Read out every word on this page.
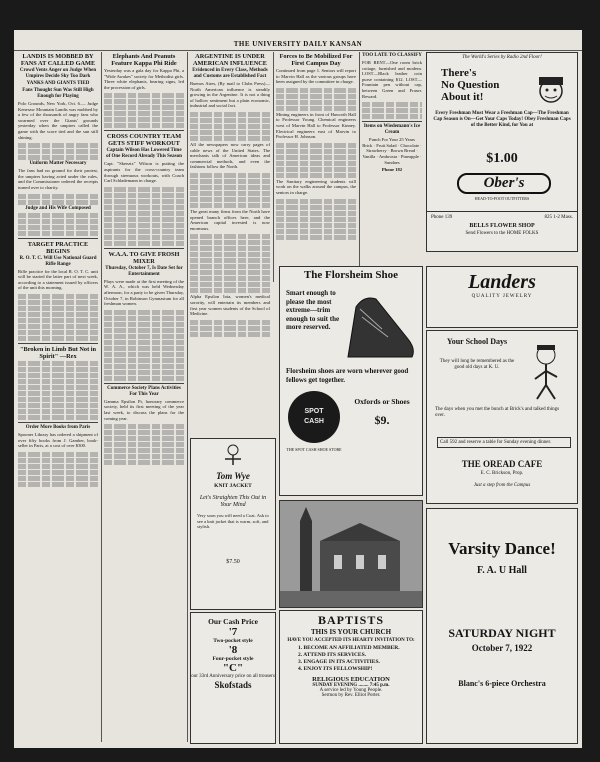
THE UNIVERSITY DAILY KANSAN
LANDIS IS MOBBED BY FANS AT CALLED GAME
Crowd Vents Anger on Judge When Umpires Decide Sky Too Dark
YANKS AND GIANTS TIED
Fans Thought Sun Was Still High Enough for Playing
Polo Grounds, New York, Oct. 6.— Judge Kenesaw Mountain Landis was mobbed by a few of the thousands of angry fans who swarmed over the Giants' grounds yesterday when the umpires called the game with the score tied and the sun still shining.
Uniform Matter Necessary
The fans had no ground for their protest, the umpires having acted under the rules, and the Commissioner ordered the receipts turned over to charity.
Judge and His Wife Composed
TARGET PRACTICE BEGINS
R. O. T. C. Will Use National Guard Rifle Range
Rifle practice for the local R. O. T. C. unit will be started the latter part of next week, according to a statement issued by officers of the unit this morning.
"Broken in Limb But Not in Spirit" —Rex
Order More Books from Paris
Spooner Library has ordered a shipment of over fifty books from J. Gamber, book-seller in Paris, at a cost of over $300.
Elephants And Peanuts Feature Kappa Phi Ride
Yesterday was a gala day for Kappa Phi, a "Wide Awakes" society for Methodist girls. Three white elephants, bearing signs, led the procession of girls.
CROSS COUNTRY TEAM GETS STIFF WORKOUT
Captain Wilson Has Lowered Time of One Record Already This Season
Capt. "Skeezix" Wilson is putting the aspirants for the cross-country team through strenuous workouts, with Coach Carl Schlademann in charge.
W.A.A. TO GIVE FROSH MIXER
Thursday, October 7, Is Date Set for Entertainment
Plays were made at the first meeting of the W. A. A., which was held Wednesday afternoon, for a party to be given Thursday, October 7, in Robinson Gymnasium for all freshman women.
Commerce Society Plans Activities For This Year
Gamma Epsilon Pi, honorary commerce society, held its first meeting of the year last week, to discuss the plans for the coming year.
ARGENTINE IS UNDER AMERICAN INFLUENCE
Evidenced in Every Class, Methods and Customs are Established Fact
Buenos Aires, (By mail to Clubs Press)—North American influence is steadily growing in the Argentine. It is not a thing of hollow sentiment but a plain economic, industrial and social fact.
All the newspapers now carry pages of cable news of the United States. The merchants talk of American ideas and commercial methods, and even the fashions follow the North.
The great many firms from the North have opened branch offices here, and the American capital invested is now enormous.
Alpha Epsilon Iota, women's medical sorority, will entertain its members and first year women students of the School of Medicine.
Forces to Be Mobilized For First Campus Day
Continued from page 1. Seniors will report to Marvin Hall as the various groups have been assigned by the committee in charge.
Mining engineers in front of Haworth Hall to Professor Young. Chemical engineers west of Marvin Hall to Professor Kinney. Electrical engineers east of Marvin to Professor H. Johnson.
The Sanitary engineering students will work on the walks around the campus, the seniors in charge.
TOO LATE TO CLASSIFY
FOR RENT—One room brick cottage, furnished and modern. LOST—Black leather coin purse containing $12. LOST—Fountain pen without cap, between Green and Fraser. Reward.
Items on Wiedemann's Ice Cream
Punch For Your 25 Years
Brick · Fruit Salad · Chocolate · Strawberry · Brown Bread · Vanilla · Ambrosia · Pineapple · Sundaes
Phone 182
The World's Series by Radio 2nd Floor!
There's
No Question
About it!
Every Freshman Must Wear a Freshman Cap—The Freshman Cap Season is On—Get Your Caps Today! Obey Freshman Caps of the Better Kind, for You at
$1.00
Ober's
HEAD-TO-FOOT OUTFITTERS
Phone 139
BELLS FLOWER SHOP
Send Flowers to the HOME FOLKS
825 1-2 Mass.
The Florsheim Shoe
Smart enough to please the most extreme—trim enough to suit the more reserved.
Florsheim shoes are worn wherever good fellows get together.
SPOT
CASH
THE SPOT CASH SHOE STORE
Oxfords or Shoes
$9.
Landers
QUALITY JEWELRY
Your School Days
They will long be remembered as the good old days at K. U.
The days when you met the bunch at Brick's and talked things over.
Call 592 and reserve a table for Sunday evening dinner.
THE OREAD CAFE
E. C. Brickson, Prop.
Just a step from the Campus
Tom Wye
KNIT JACKET
Let's Straighten This Out in Your Mind
Very soon you will need a Coat. Ask to see a knit jacket that is warm, soft, and stylish.
$7.50
Our Cash Price
'7
Two-pocket style
'8
Four-pocket style
"C"
our 33rd Anniversary price on all trousers
Skofstads
BAPTISTS
THIS IS YOUR CHURCH
HAVE YOU ACCEPTED ITS HEARTY INVITATION TO:
1. BECOME AN AFFILIATED MEMBER.
2. ATTEND ITS SERVICES.
3. ENGAGE IN ITS ACTIVITIES.
4. ENJOY ITS FELLOWSHIP!
RELIGIOUS EDUCATION
SUNDAY EVENING ........ 7:45 p.m.
A service led by Young People.
Sermon by Rev. Elliot Porter.
Varsity Dance!
F. A. U Hall
SATURDAY NIGHT
October 7, 1922
Blanc's 6-piece Orchestra
